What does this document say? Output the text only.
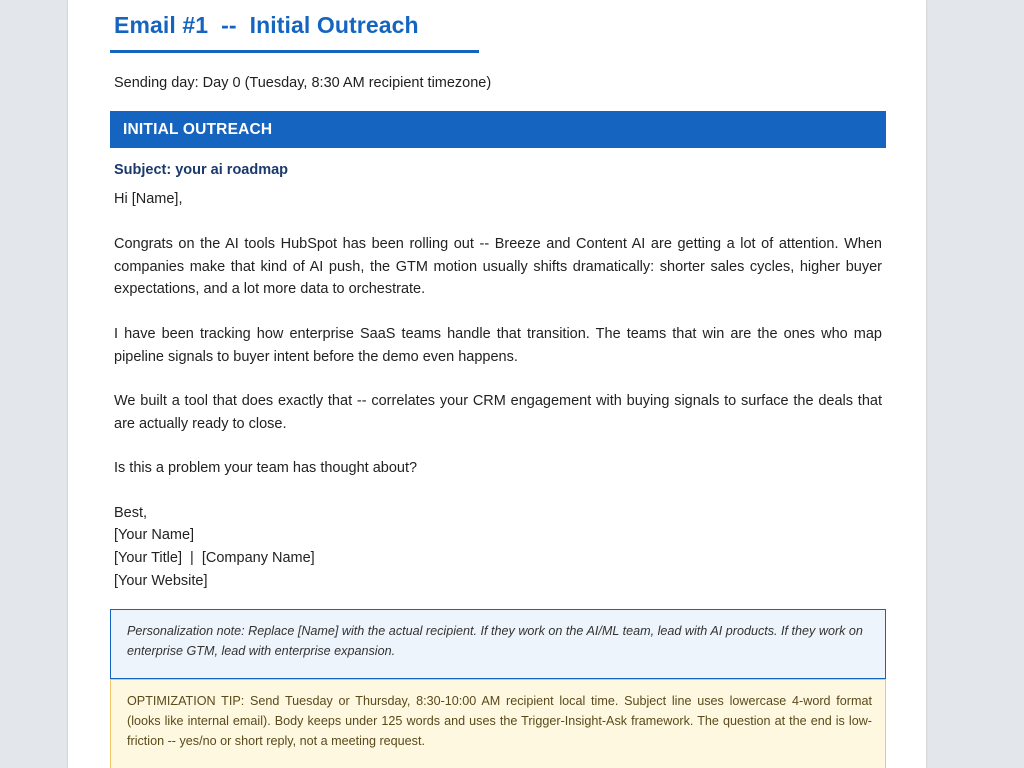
Email #1  --  Initial Outreach
Sending day: Day 0 (Tuesday, 8:30 AM recipient timezone)
INITIAL OUTREACH
Subject: your ai roadmap
Hi [Name],

Congrats on the AI tools HubSpot has been rolling out -- Breeze and Content AI are getting a lot of attention. When companies make that kind of AI push, the GTM motion usually shifts dramatically: shorter sales cycles, higher buyer expectations, and a lot more data to orchestrate.

I have been tracking how enterprise SaaS teams handle that transition. The teams that win are the ones who map pipeline signals to buyer intent before the demo even happens.

We built a tool that does exactly that -- correlates your CRM engagement with buying signals to surface the deals that are actually ready to close.

Is this a problem your team has thought about?

Best,
[Your Name]
[Your Title]  |  [Company Name]
[Your Website]

Personalization note: Replace [Name] with the actual recipient. If they work on the AI/ML team, lead with AI products. If they work on enterprise GTM, lead with enterprise expansion.

OPTIMIZATION TIP: Send Tuesday or Thursday, 8:30-10:00 AM recipient local time. Subject line uses lowercase 4-word format (looks like internal email). Body keeps under 125 words and uses the Trigger-Insight-Ask framework. The question at the end is low-friction -- yes/no or short reply, not a meeting request.
